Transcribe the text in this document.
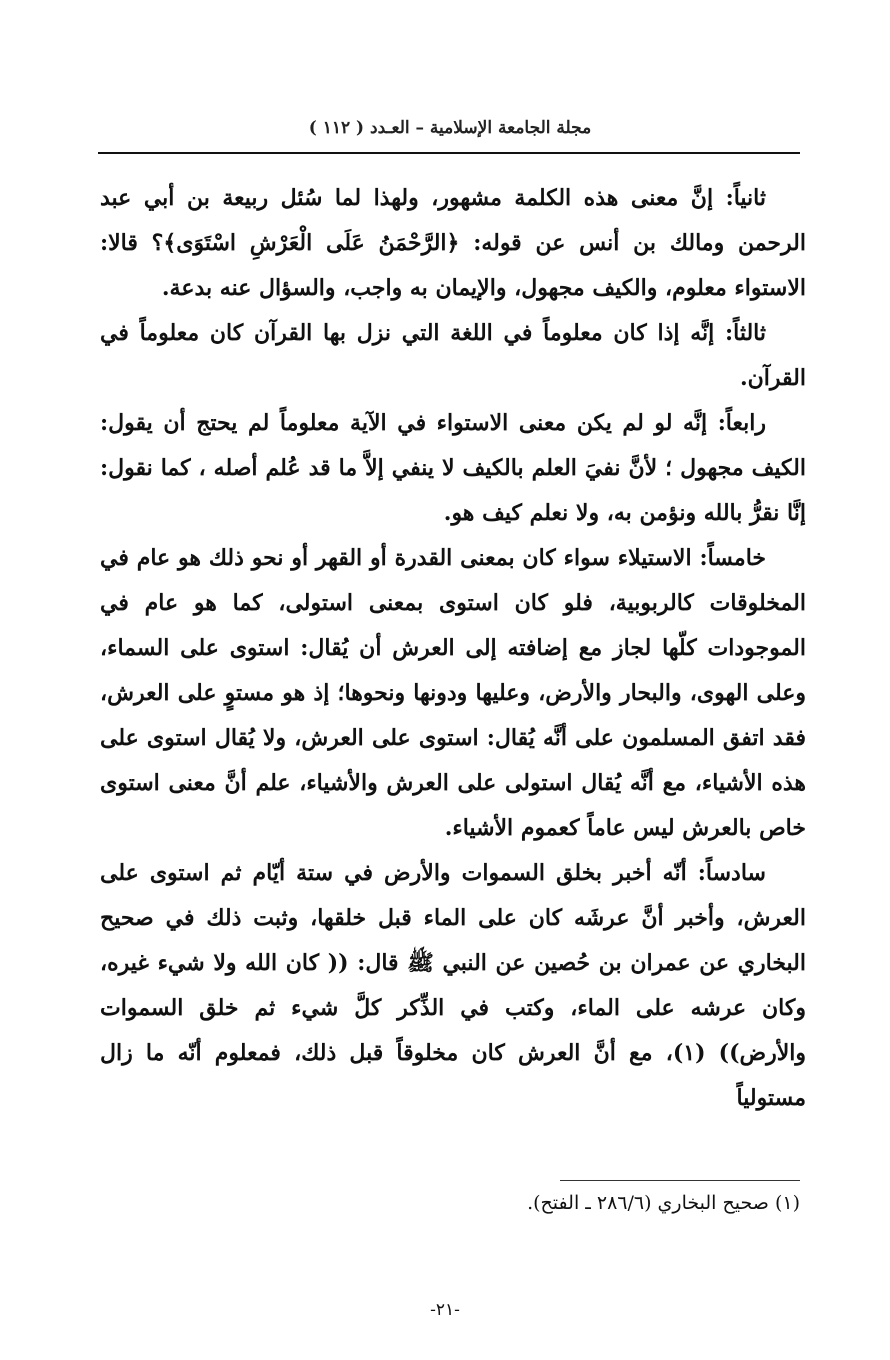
مجلة الجامعة الإسلامية – العـدد ( ١١٢ )

ثانياً: إنَّ معنى هذه الكلمة مشهور، ولهذا لما سُئل ربيعة بن أبي عبد الرحمن ومالك بن أنس عن قوله: ﴿الرَّحْمَنُ عَلَى الْعَرْشِ اسْتَوَى﴾؟ قالا: الاستواء معلوم، والكيف مجهول، والإيمان به واجب، والسؤال عنه بدعة.

ثالثاً: إنَّه إذا كان معلوماً في اللغة التي نزل بها القرآن كان معلوماً في القرآن.

رابعاً: إنَّه لو لم يكن معنى الاستواء في الآية معلوماً لم يحتج أن يقول: الكيف مجهول ؛ لأنَّ نفيَ العلم بالكيف لا ينفي إلاَّ ما قد عُلم أصله ، كما نقول: إنَّا نقرُّ بالله ونؤمن به، ولا نعلم كيف هو.

خامساً: الاستيلاء سواء كان بمعنى القدرة أو القهر أو نحو ذلك هو عام في المخلوقات كالربوبية، فلو كان استوى بمعنى استولى، كما هو عام في الموجودات كلّها لجاز مع إضافته إلى العرش أن يُقال: استوى على السماء، وعلى الهوى، والبحار والأرض، وعليها ودونها ونحوها؛ إذ هو مستوٍ على العرش، فقد اتفق المسلمون على أنَّه يُقال: استوى على العرش، ولا يُقال استوى على هذه الأشياء، مع أنَّه يُقال استولى على العرش والأشياء، علم أنَّ معنى استوى خاص بالعرش ليس عاماً كعموم الأشياء.

سادساً: أنّه أخبر بخلق السموات والأرض في ستة أيّام ثم استوى على العرش، وأخبر أنَّ عرشَه كان على الماء قبل خلقها، وثبت ذلك في صحيح البخاري عن عمران بن حُصين عن النبي ﷺ قال: (( كان الله ولا شيء غيره، وكان عرشه على الماء، وكتب في الذِّكر كلَّ شيء ثم خلق السموات والأرض)) (١)، مع أنَّ العرش كان مخلوقاً قبل ذلك، فمعلوم أنّه ما زال مستولياً

(١) صحيح البخاري (٢٨٦/٦ ـ الفتح).
-٢١-
